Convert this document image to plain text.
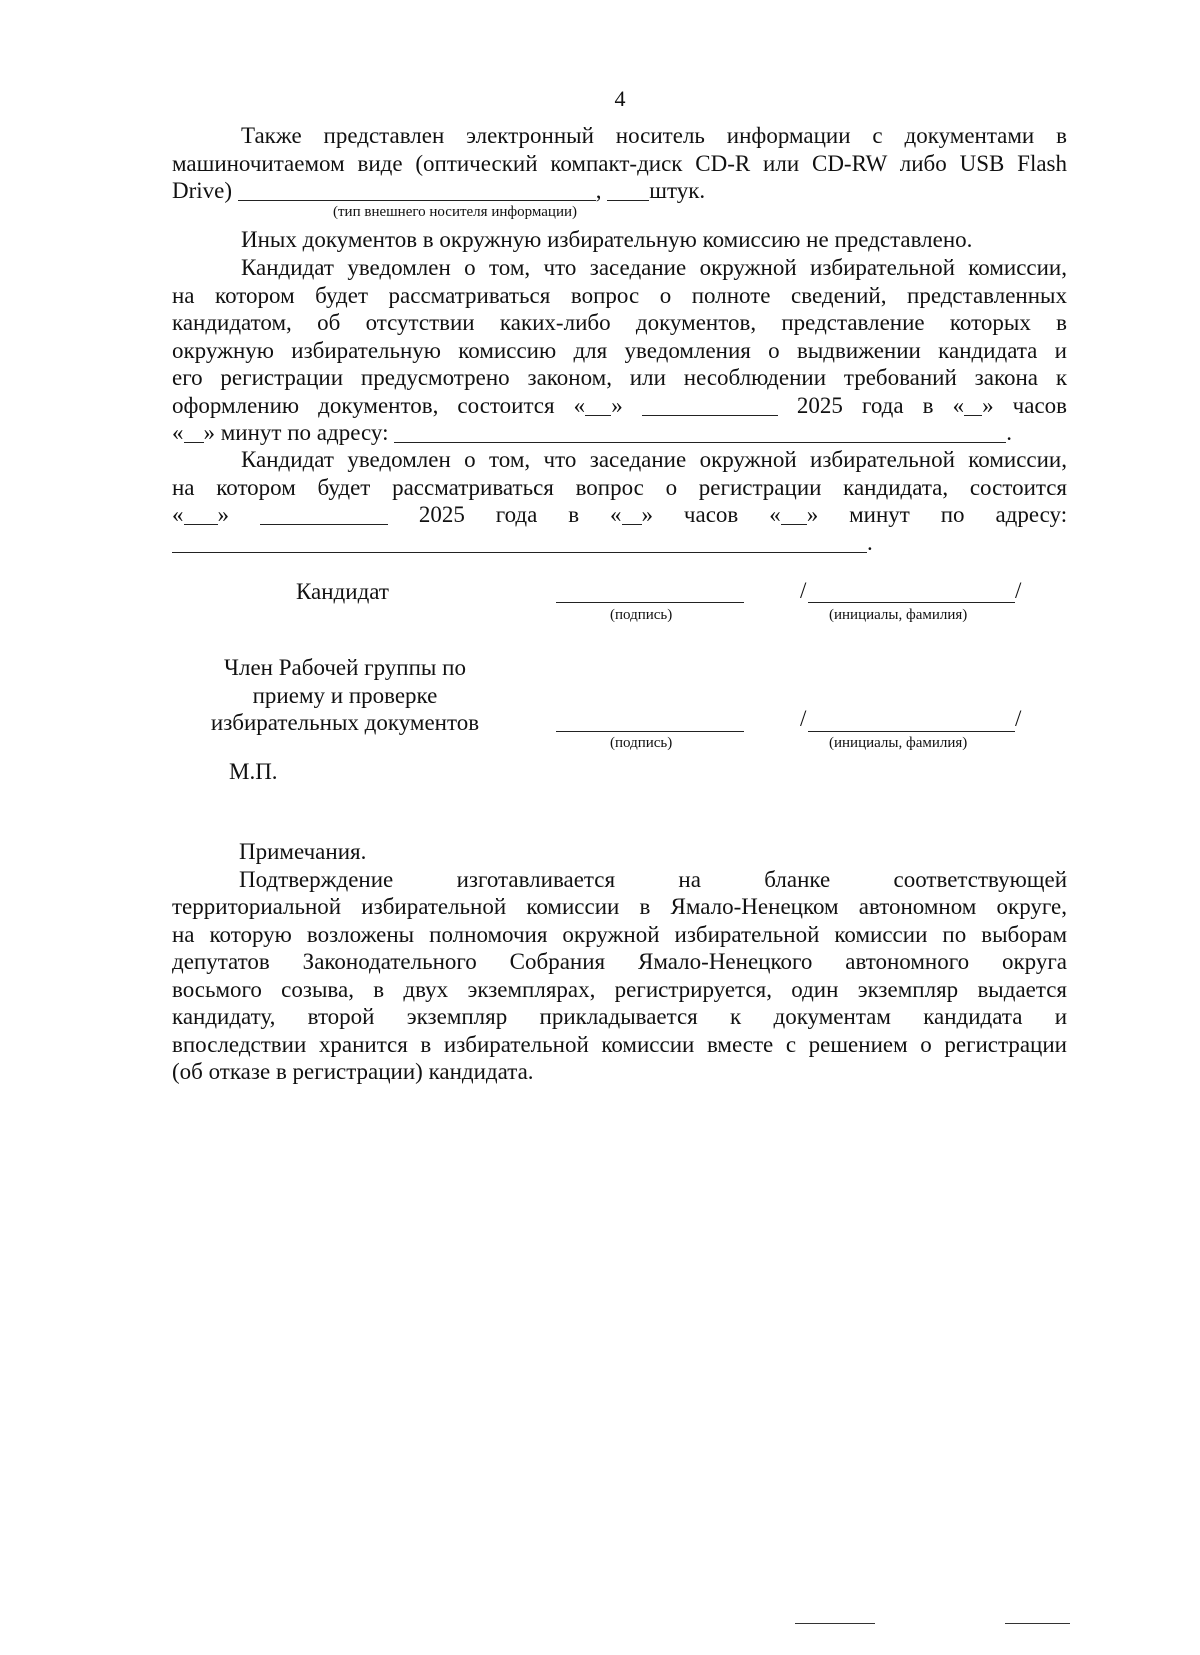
4
Также представлен электронный носитель информации с документами в
машиночитаемом виде (оптический компакт-диск CD-R или CD-RW либо USB Flash
Drive)	, штук.
(тип внешнего носителя информации)
Иных документов в окружную избирательную комиссию не представлено.
Кандидат уведомлен о том, что заседание окружной избирательной комиссии,
на котором будет рассматриваться вопрос о полноте сведений, представленных
кандидатом, об отсутствии каких-либо документов, представление которых в
окружную избирательную комиссию для уведомления о выдвижении кандидата и
его регистрации предусмотрено законом, или несоблюдении требований закона к
оформлению документов, состоится « »	2025 года в « » часов
« » минут по адресу:	.
Кандидат уведомлен о том, что заседание окружной избирательной комиссии,
на котором будет рассматриваться вопрос о регистрации кандидата, состоится
« »	2025 года в « » часов « » минут по адресу:
.
Кандидат	/	/
(подпись)	(инициалы, фамилия)
Член Рабочей группы по
приему и проверке
избирательных документов	/	/
(подпись)	(инициалы, фамилия)
М.П.
Примечания.
Подтверждение изготавливается на бланке соответствующей
территориальной избирательной комиссии в Ямало-Ненецком автономном округе,
на которую возложены полномочия окружной избирательной комиссии по выборам
депутатов Законодательного Собрания Ямало-Ненецкого автономного округа
восьмого созыва, в двух экземплярах, регистрируется, один экземпляр выдается
кандидату, второй экземпляр прикладывается к документам кандидата и
впоследствии хранится в избирательной комиссии вместе с решением о регистрации
(об отказе в регистрации) кандидата.
